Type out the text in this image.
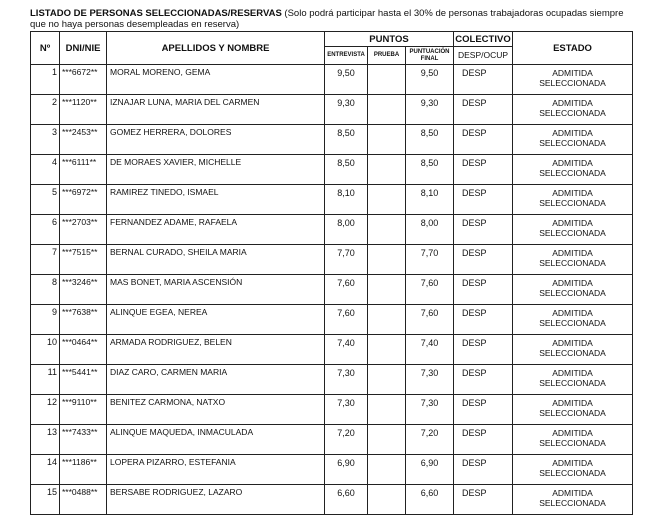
LISTADO DE PERSONAS SELECCIONADAS/RESERVAS (Solo podrá participar hasta el 30% de personas trabajadoras ocupadas siempre que no haya personas desempleadas en reserva)
Nº	DNI/NIE	APELLIDOS Y NOMBRE	PUNTOS			COLECTIVO	ESTADO
			ENTREVISTA	PRUEBA	PUNTUACIÓN FINAL	DESP/OCUP	
1	***6672**	MORAL MORENO, GEMA	9,50		9,50	DESP	ADMITIDA
SELECCIONADA

2	***1120**	IZNAJAR LUNA, MARIA DEL CARMEN	9,30		9,30	DESP	ADMITIDA
SELECCIONADA

3	***2453**	GOMEZ HERRERA, DOLORES	8,50		8,50	DESP	ADMITIDA
SELECCIONADA

4	***6111**	DE MORAES XAVIER, MICHELLE	8,50		8,50	DESP	ADMITIDA
SELECCIONADA

5	***6972**	RAMIREZ TINEDO, ISMAEL	8,10		8,10	DESP	ADMITIDA
SELECCIONADA

6	***2703**	FERNANDEZ ADAME, RAFAELA	8,00		8,00	DESP	ADMITIDA
SELECCIONADA

7	***7515**	BERNAL CURADO, SHEILA MARIA	7,70		7,70	DESP	ADMITIDA
SELECCIONADA

8	***3246**	MAS BONET, MARIA ASCENSIÓN	7,60		7,60	DESP	ADMITIDA
SELECCIONADA

9	***7638**	ALINQUE EGEA, NEREA	7,60		7,60	DESP	ADMITIDA
SELECCIONADA

10	***0464**	ARMADA RODRIGUEZ, BELEN	7,40		7,40	DESP	ADMITIDA
SELECCIONADA

11	***5441**	DIAZ CARO, CARMEN MARIA	7,30		7,30	DESP	ADMITIDA
SELECCIONADA

12	***9110**	BENITEZ CARMONA, NATXO	7,30		7,30	DESP	ADMITIDA
SELECCIONADA

13	***7433**	ALINQUE MAQUEDA, INMACULADA	7,20		7,20	DESP	ADMITIDA
SELECCIONADA

14	***1186**	LOPERA PIZARRO, ESTEFANIA	6,90		6,90	DESP	ADMITIDA
SELECCIONADA

15	***0488**	BERSABE RODRIGUEZ, LAZARO	6,60		6,60	DESP	ADMITIDA
SELECCIONADA
